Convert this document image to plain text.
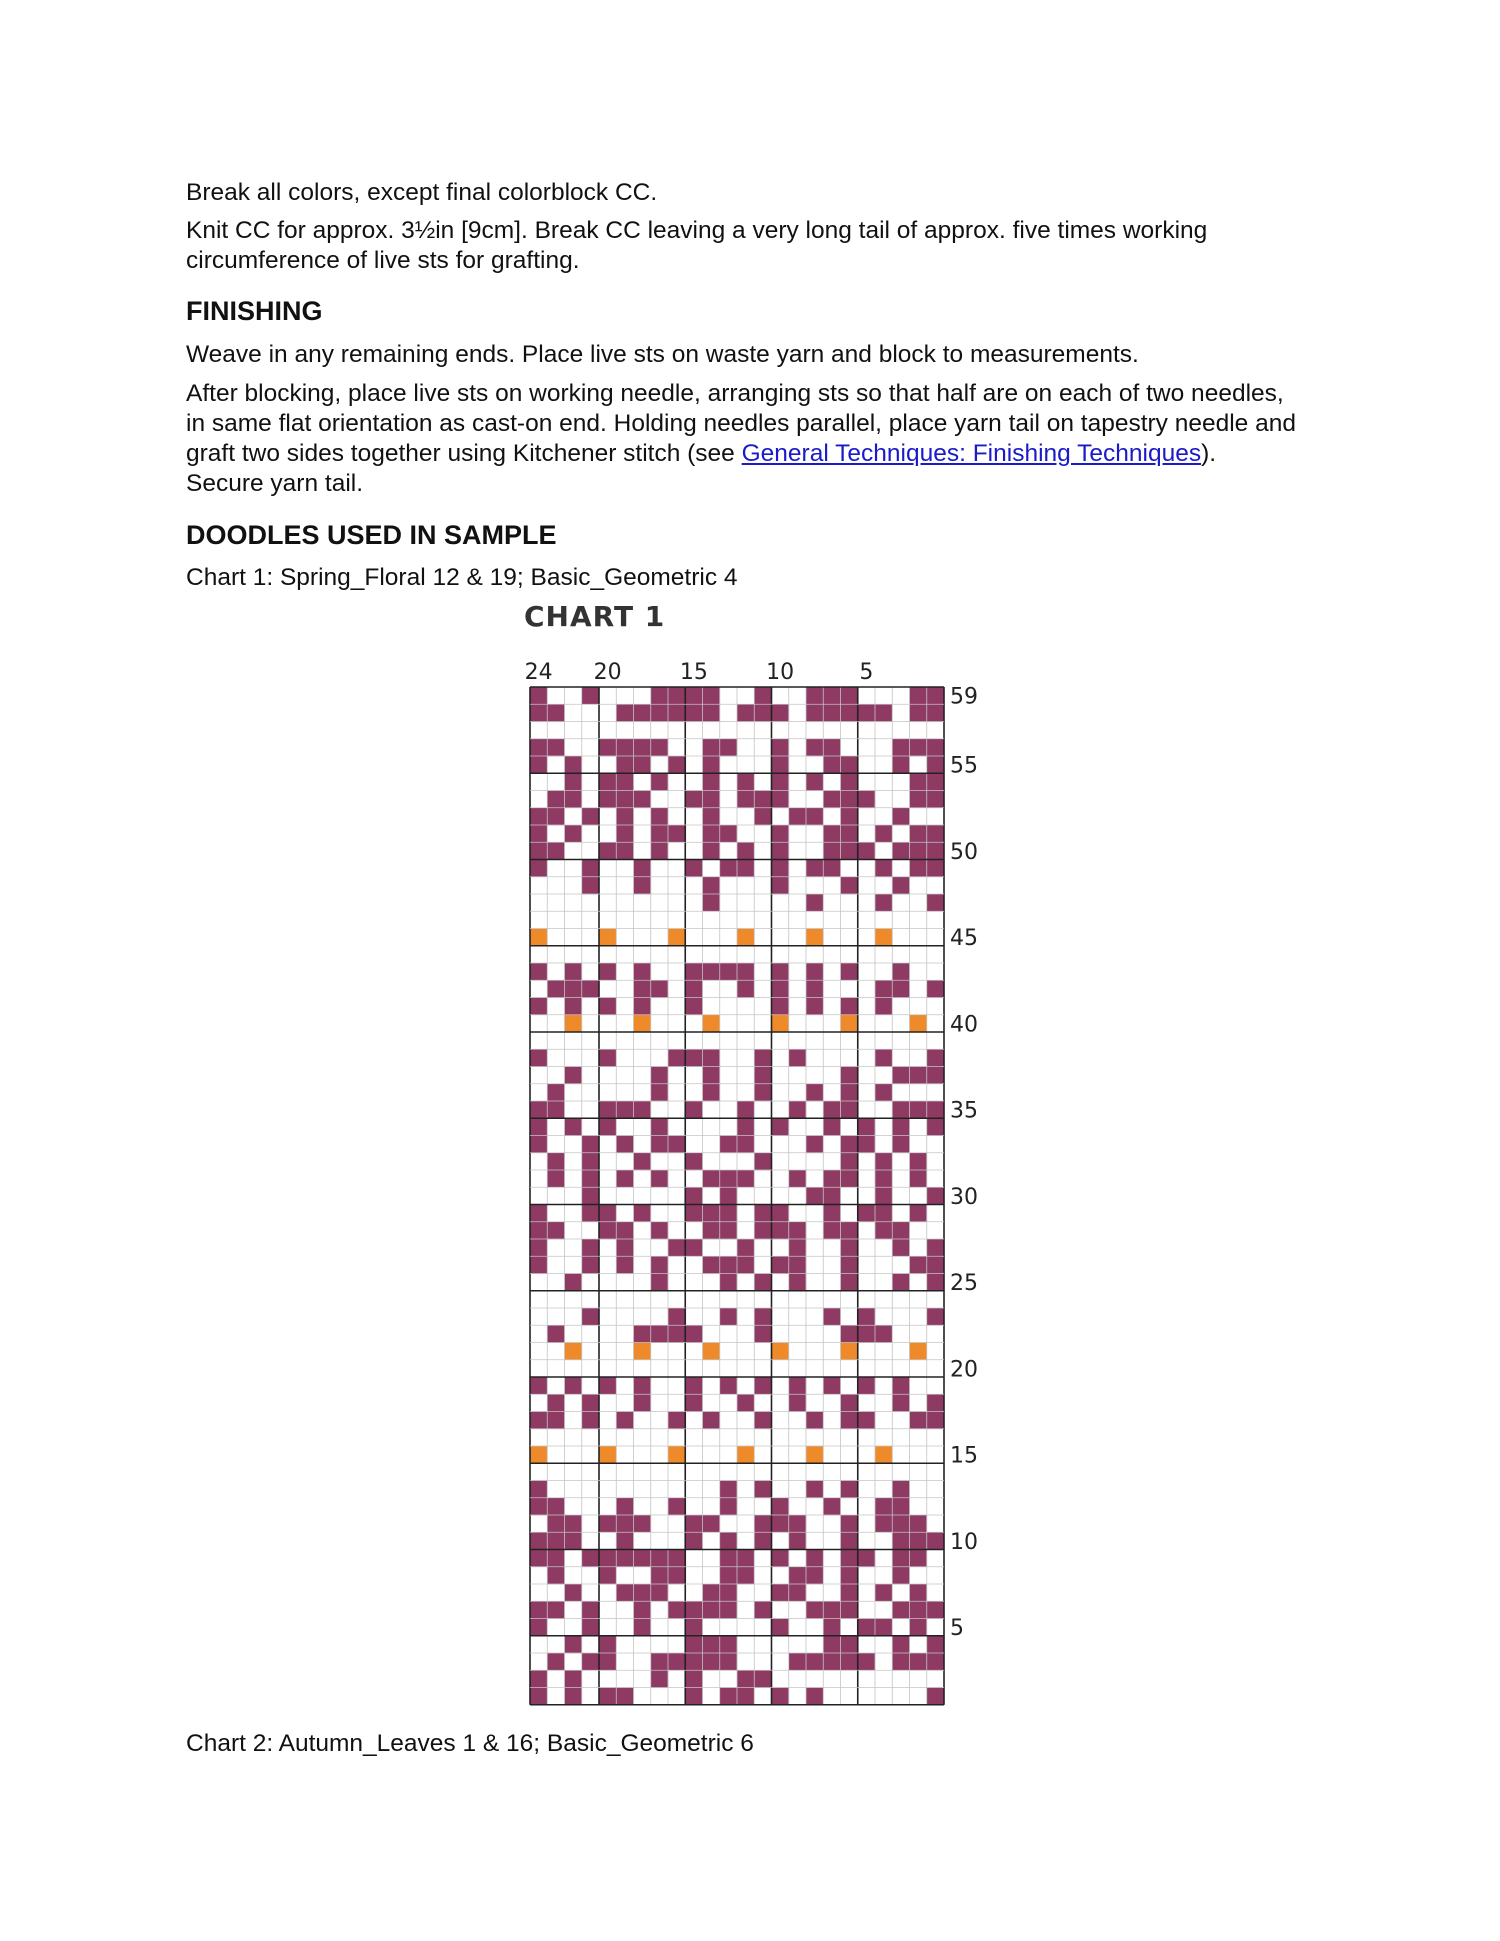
Break all colors, except final colorblock CC.

Knit CC for approx. 3½in [9cm]. Break CC leaving a very long tail of approx. five times working circumference of live sts for grafting.

FINISHING

Weave in any remaining ends. Place live sts on waste yarn and block to measurements.

After blocking, place live sts on working needle, arranging sts so that half are on each of two needles, in same flat orientation as cast-on end. Holding needles parallel, place yarn tail on tapestry needle and graft two sides together using Kitchener stitch (see General Techniques: Finishing Techniques). Secure yarn tail.

DOODLES USED IN SAMPLE

Chart 1: Spring_Floral 12 & 19; Basic_Geometric 4

Chart 2: Autumn_Leaves 1 & 16; Basic_Geometric 6

CHART 1
24 20	15	10	5
59
55
50
45
40
35
30
25
20
15
10
5
